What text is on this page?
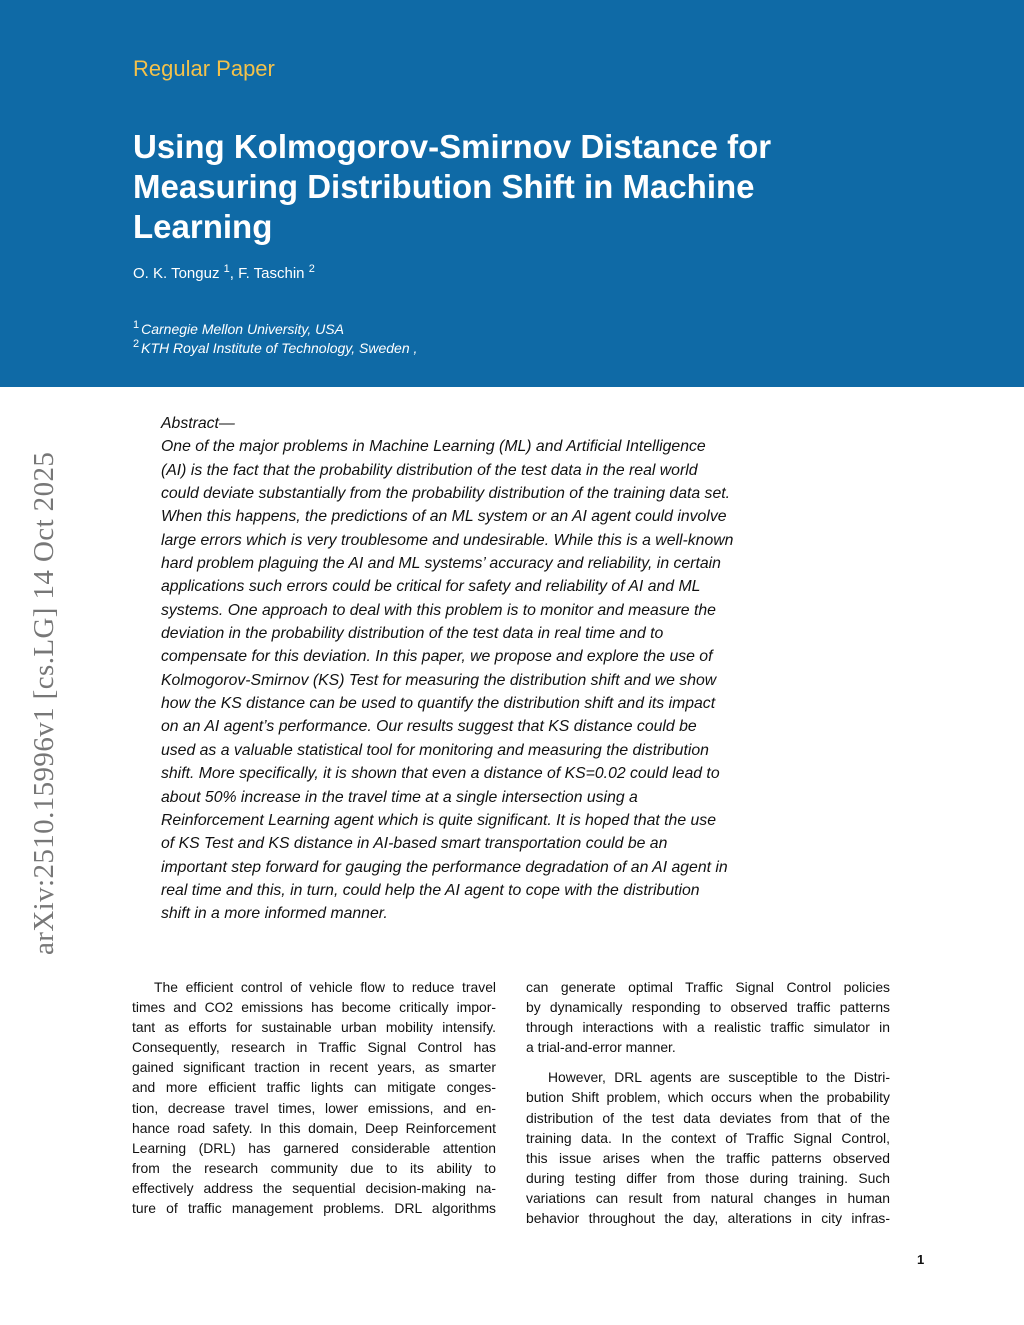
Regular Paper
Using Kolmogorov-Smirnov Distance for
Measuring Distribution Shift in Machine
Learning
O. K. Tonguz $^1$, F. Taschin $^2$
$^1$ Carnegie Mellon University, USA
$^2$ KTH Royal Institute of Technology, Sweden ,
arXiv:2510.15996v1 [cs.LG] 14 Oct 2025
Abstract—
One of the major problems in Machine Learning (ML) and Artificial Intelligence
(AI) is the fact that the probability distribution of the test data in the real world
could deviate substantially from the probability distribution of the training data set.
When this happens, the predictions of an ML system or an AI agent could involve
large errors which is very troublesome and undesirable. While this is a well-known
hard problem plaguing the AI and ML systems’ accuracy and reliability, in certain
applications such errors could be critical for safety and reliability of AI and ML
systems. One approach to deal with this problem is to monitor and measure the
deviation in the probability distribution of the test data in real time and to
compensate for this deviation. In this paper, we propose and explore the use of
Kolmogorov-Smirnov (KS) Test for measuring the distribution shift and we show
how the KS distance can be used to quantify the distribution shift and its impact
on an AI agent’s performance. Our results suggest that KS distance could be
used as a valuable statistical tool for monitoring and measuring the distribution
shift. More specifically, it is shown that even a distance of KS=0.02 could lead to
about 50% increase in the travel time at a single intersection using a
Reinforcement Learning agent which is quite significant. It is hoped that the use
of KS Test and KS distance in AI-based smart transportation could be an
important step forward for gauging the performance degradation of an AI agent in
real time and this, in turn, could help the AI agent to cope with the distribution
shift in a more informed manner.
The efficient control of vehicle flow to reduce travel
times and CO2 emissions has become critically impor-
tant as efforts for sustainable urban mobility intensify.
Consequently, research in Traffic Signal Control has
gained significant traction in recent years, as smarter
and more efficient traffic lights can mitigate conges-
tion, decrease travel times, lower emissions, and en-
hance road safety. In this domain, Deep Reinforcement
Learning (DRL) has garnered considerable attention
from the research community due to its ability to
effectively address the sequential decision-making na-
ture of traffic management problems. DRL algorithms
can generate optimal Traffic Signal Control policies
by dynamically responding to observed traffic patterns
through interactions with a realistic traffic simulator in
a trial-and-error manner.
However, DRL agents are susceptible to the Distri-
bution Shift problem, which occurs when the probability
distribution of the test data deviates from that of the
training data. In the context of Traffic Signal Control,
this issue arises when the traffic patterns observed
during testing differ from those during training. Such
variations can result from natural changes in human
behavior throughout the day, alterations in city infras-
1
